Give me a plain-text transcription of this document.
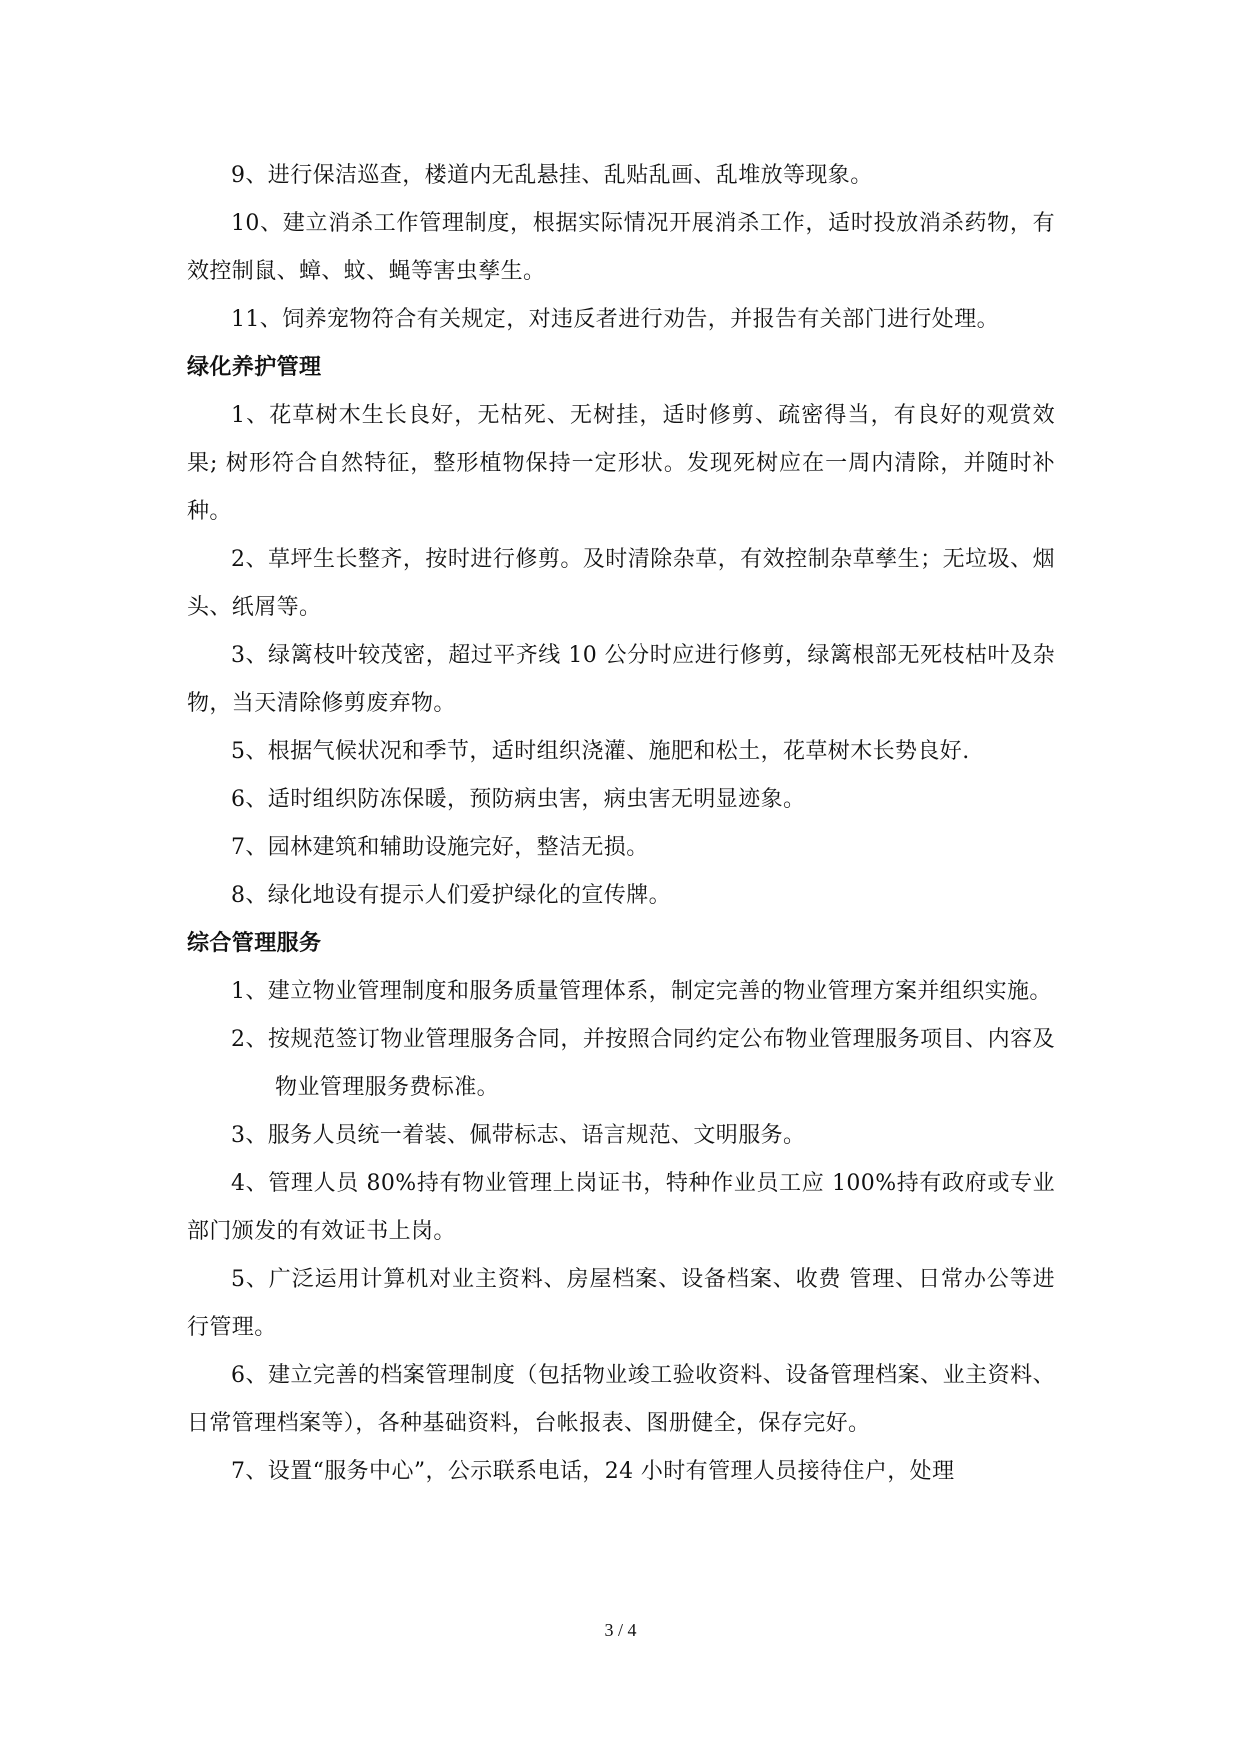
9、进行保洁巡查，楼道内无乱悬挂、乱贴乱画、乱堆放等现象。

10、建立消杀工作管理制度，根据实际情况开展消杀工作，适时投放消杀药物，有效控制鼠、蟑、蚊、蝇等害虫孳生。

11、饲养宠物符合有关规定，对违反者进行劝告，并报告有关部门进行处理。

绿化养护管理

1、花草树木生长良好，无枯死、无树挂，适时修剪、疏密得当，有良好的观赏效果; 树形符合自然特征，整形植物保持一定形状。发现死树应在一周内清除，并随时补种。

2、草坪生长整齐，按时进行修剪。及时清除杂草，有效控制杂草孳生；无垃圾、烟头、纸屑等。

3、绿篱枝叶较茂密，超过平齐线 10 公分时应进行修剪，绿篱根部无死枝枯叶及杂物，当天清除修剪废弃物。

5、根据气候状况和季节，适时组织浇灌、施肥和松土，花草树木长势良好.

6、适时组织防冻保暖，预防病虫害，病虫害无明显迹象。

7、园林建筑和辅助设施完好，整洁无损。

8、绿化地设有提示人们爱护绿化的宣传牌。

综合管理服务

1、建立物业管理制度和服务质量管理体系，制定完善的物业管理方案并组织实施。

2、按规范签订物业管理服务合同，并按照合同约定公布物业管理服务项目、内容及物业管理服务费标准。

3、服务人员统一着装、佩带标志、语言规范、文明服务。

4、管理人员 80%持有物业管理上岗证书，特种作业员工应 100%持有政府或专业部门颁发的有效证书上岗。

5、广泛运用计算机对业主资料、房屋档案、设备档案、收费 管理、日常办公等进行管理。

6、建立完善的档案管理制度（包括物业竣工验收资料、设备管理档案、业主资料、日常管理档案等），各种基础资料，台帐报表、图册健全，保存完好。

7、设置“服务中心”，公示联系电话，24 小时有管理人员接待住户，处理

3 / 4
